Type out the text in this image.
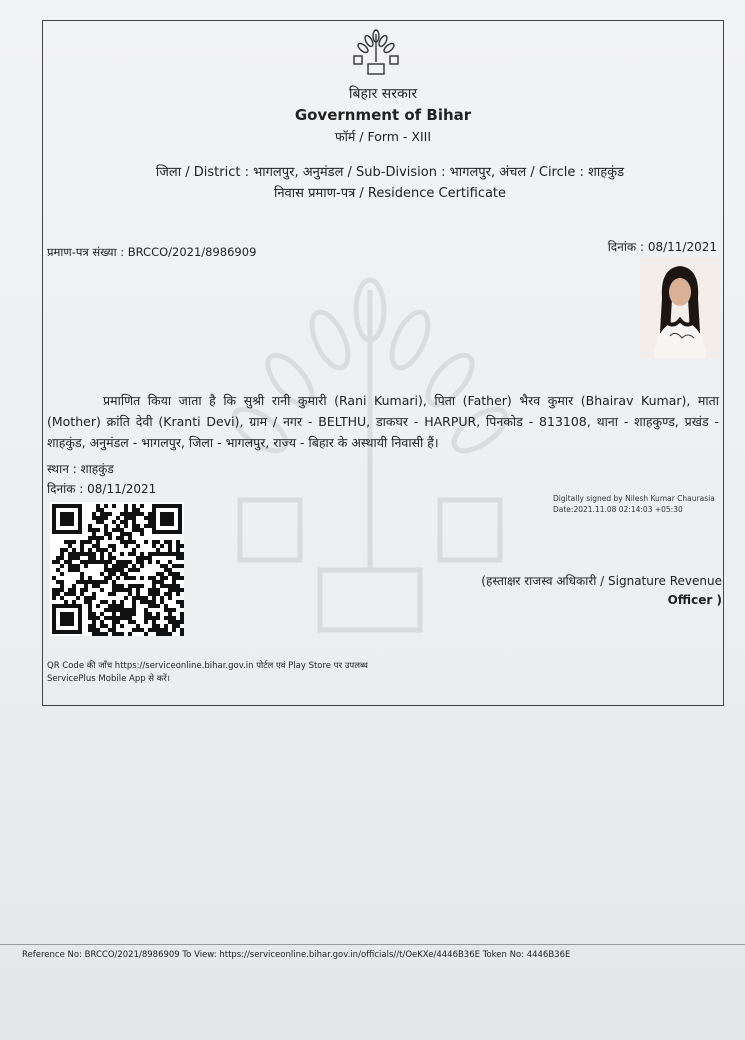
बिहार सरकार
Government of Bihar
फॉर्म / Form - XIII
जिला / District : भागलपुर, अनुमंडल / Sub-Division : भागलपुर, अंचल / Circle : शाहकुंड
निवास प्रमाण-पत्र / Residence Certificate
प्रमाण-पत्र संख्या : BRCCO/2021/8986909	दिनांक : 08/11/2021
प्रमाणित किया जाता है कि सुश्री रानी कुमारी (Rani Kumari), पिता (Father) भैरव कुमार (Bhairav Kumar), माता (Mother) क्रांति देवी (Kranti Devi), ग्राम / नगर - BELTHU, डाकघर - HARPUR, पिनकोड - 813108, थाना - शाहकुण्ड, प्रखंड - शाहकुंड, अनुमंडल - भागलपुर, जिला - भागलपुर, राज्य - बिहार के अस्थायी निवासी हैं।
स्थान : शाहकुंड
दिनांक : 08/11/2021
Digitally signed by Nilesh Kumar Chaurasia
Date:2021.11.08 02:14:03 +05:30
(हस्ताक्षर राजस्व अधिकारी / Signature Revenue
Officer )
QR Code की जाँच https://serviceonline.bihar.gov.in पोर्टल एवं Play Store पर उपलब्ध
ServicePlus Mobile App से करें।
Reference No: BRCCO/2021/8986909 To View: https://serviceonline.bihar.gov.in/officials//t/OeKXe/4446B36E Token No: 4446B36E
